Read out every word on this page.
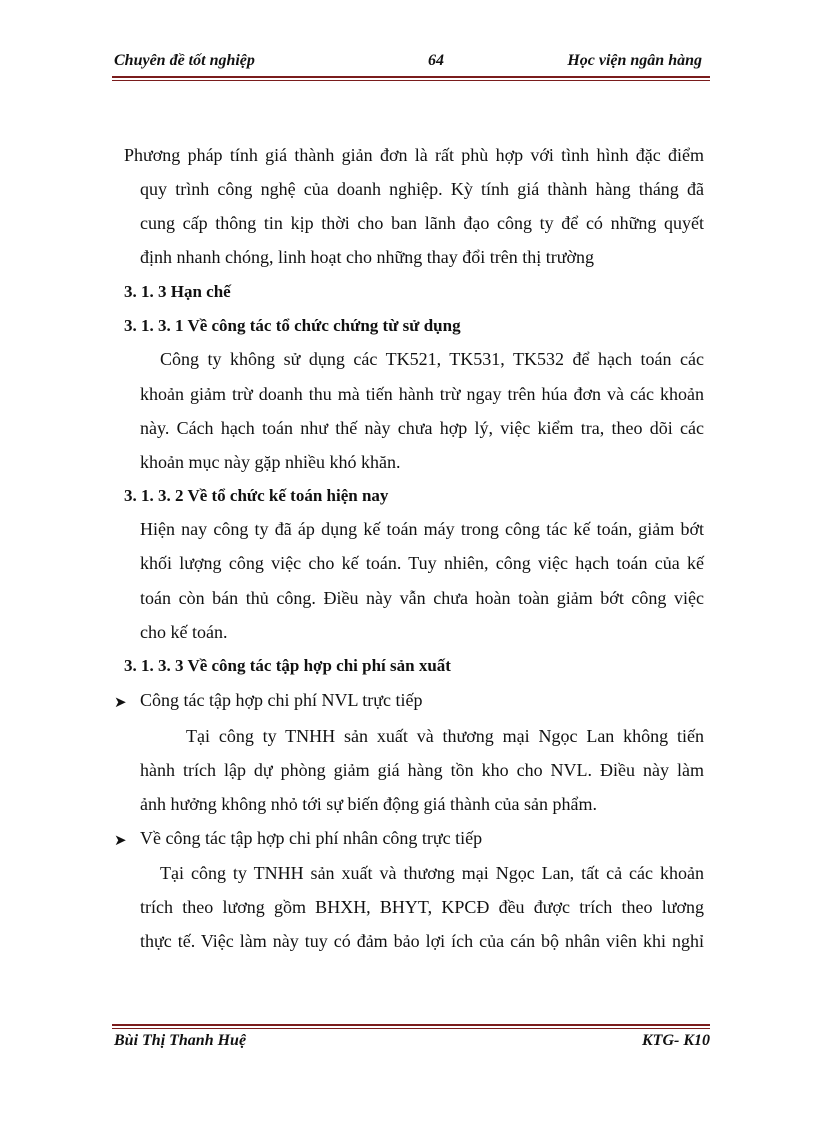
Chuyên đề tốt nghiệp	64	Học viện ngân hàng
Phương pháp tính giá thành giản đơn là rất phù hợp với tình hình đặc điểm
quy trình công nghệ của doanh nghiệp. Kỳ tính giá thành hàng tháng đã
cung cấp thông tin kịp thời cho ban lãnh đạo công ty để có những quyết
định nhanh chóng, linh hoạt cho những thay đổi trên thị trường
3. 1. 3 Hạn chế
3. 1. 3. 1 Về công tác tổ chức chứng từ sử dụng
Công ty không sử dụng các TK521, TK531, TK532 để hạch toán các
khoản giảm trừ doanh thu mà tiến hành trừ ngay trên húa đơn và các khoản
này. Cách hạch toán như thế này chưa hợp lý, việc kiểm tra, theo dõi các
khoản mục này gặp nhiều khó khăn.
3. 1. 3. 2 Về tổ chức kế toán hiện nay
Hiện nay công ty đã áp dụng kế toán máy trong công tác kế toán, giảm bớt
khối lượng công việc cho kế toán. Tuy nhiên, công việc hạch toán của kế
toán còn bán thủ công. Điều này vẫn chưa hoàn toàn giảm bớt công việc
cho kế toán.
3. 1. 3. 3 Về công tác tập hợp chi phí sản xuất
➤ Công tác tập hợp chi phí NVL trực tiếp
Tại công ty TNHH sản xuất và thương mại Ngọc Lan không tiến
hành trích lập dự phòng giảm giá hàng tồn kho cho NVL. Điều này làm
ảnh hưởng không nhỏ tới sự biến động giá thành của sản phẩm.
➤ Về công tác tập hợp chi phí nhân công trực tiếp
Tại công ty TNHH sản xuất và thương mại Ngọc Lan, tất cả các khoản
trích theo lương gồm BHXH, BHYT, KPCĐ đều được trích theo lương
thực tế. Việc làm này tuy có đảm bảo lợi ích của cán bộ nhân viên khi nghỉ
Bùi Thị Thanh Huệ	KTG- K10
